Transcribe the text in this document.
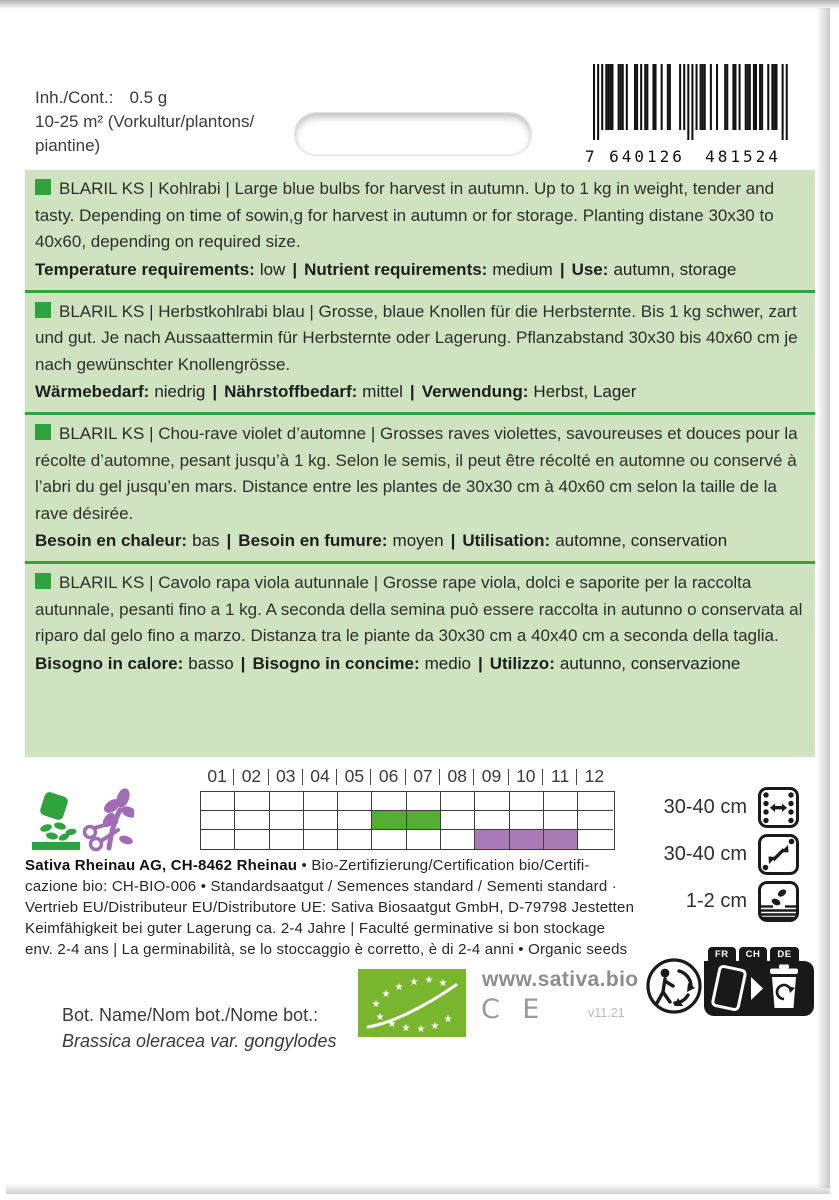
Inh./Cont.: 0.5 g
10-25 m² (Vorkultur/plantons/
piantine)
7 640126	481524
BLARIL KS | Kohlrabi | Large blue bulbs for harvest in autumn. Up to 1 kg in weight, tender and tasty. Depending on time of sowin,g for harvest in autumn or for storage. Planting distane 30x30 to 40x60, depending on required size.
Temperature requirements: low | Nutrient requirements: medium | Use: autumn, storage
BLARIL KS | Herbstkohlrabi blau | Grosse, blaue Knollen für die Herbsternte. Bis 1 kg schwer, zart und gut. Je nach Aussaattermin für Herbsternte oder Lagerung. Pflanzabstand 30x30 bis 40x60 cm je nach gewünschter Knollengrösse.
Wärmebedarf: niedrig | Nährstoffbedarf: mittel | Verwendung: Herbst, Lager
BLARIL KS | Chou-rave violet d’automne | Grosses raves violettes, savoureuses et douces pour la récolte d’automne, pesant jusqu’à 1 kg. Selon le semis, il peut être récolté en automne ou conservé à l’abri du gel jusqu’en mars. Distance entre les plantes de 30x30 cm à 40x60 cm selon la taille de la rave désirée.
Besoin en chaleur: bas | Besoin en fumure: moyen | Utilisation: automne, conservation
BLARIL KS | Cavolo rapa viola autunnale | Grosse rape viola, dolci e saporite per la raccolta autunnale, pesanti fino a 1 kg. A seconda della semina può essere raccolta in autunno o conservata al riparo dal gelo fino a marzo. Distanza tra le piante da 30x30 cm a 40x40 cm a seconda della taglia.
Bisogno in calore: basso | Bisogno in concime: medio | Utilizzo: autunno, conservazione
01 02 03 04 05 06 07 08 09 10 11 12
30-40 cm
30-40 cm
1-2 cm
Sativa Rheinau AG, CH-8462 Rheinau • Bio-Zertifizierung/Certification bio/Certifi-
cazione bio: CH-BIO-006 • Standardsaatgut / Semences standard / Sementi standard ·
Vertrieb EU/Distributeur EU/Distributore UE: Sativa Biosaatgut GmbH, D-79798 Jestetten
Keimfähigkeit bei guter Lagerung ca. 2-4 Jahre | Faculté germinative si bon stockage
env. 2-4 ans | La germinabilità, se lo stoccaggio è corretto, è di 2-4 anni • Organic seeds
★
★
★ ★ ★ ★
★
★ ★ ★ ★
★
www.sativa.bio
C E	v11.21
Bot. Name/Nom bot./Nome bot.:
Brassica oleracea var. gongylodes
FR	CH	DE
